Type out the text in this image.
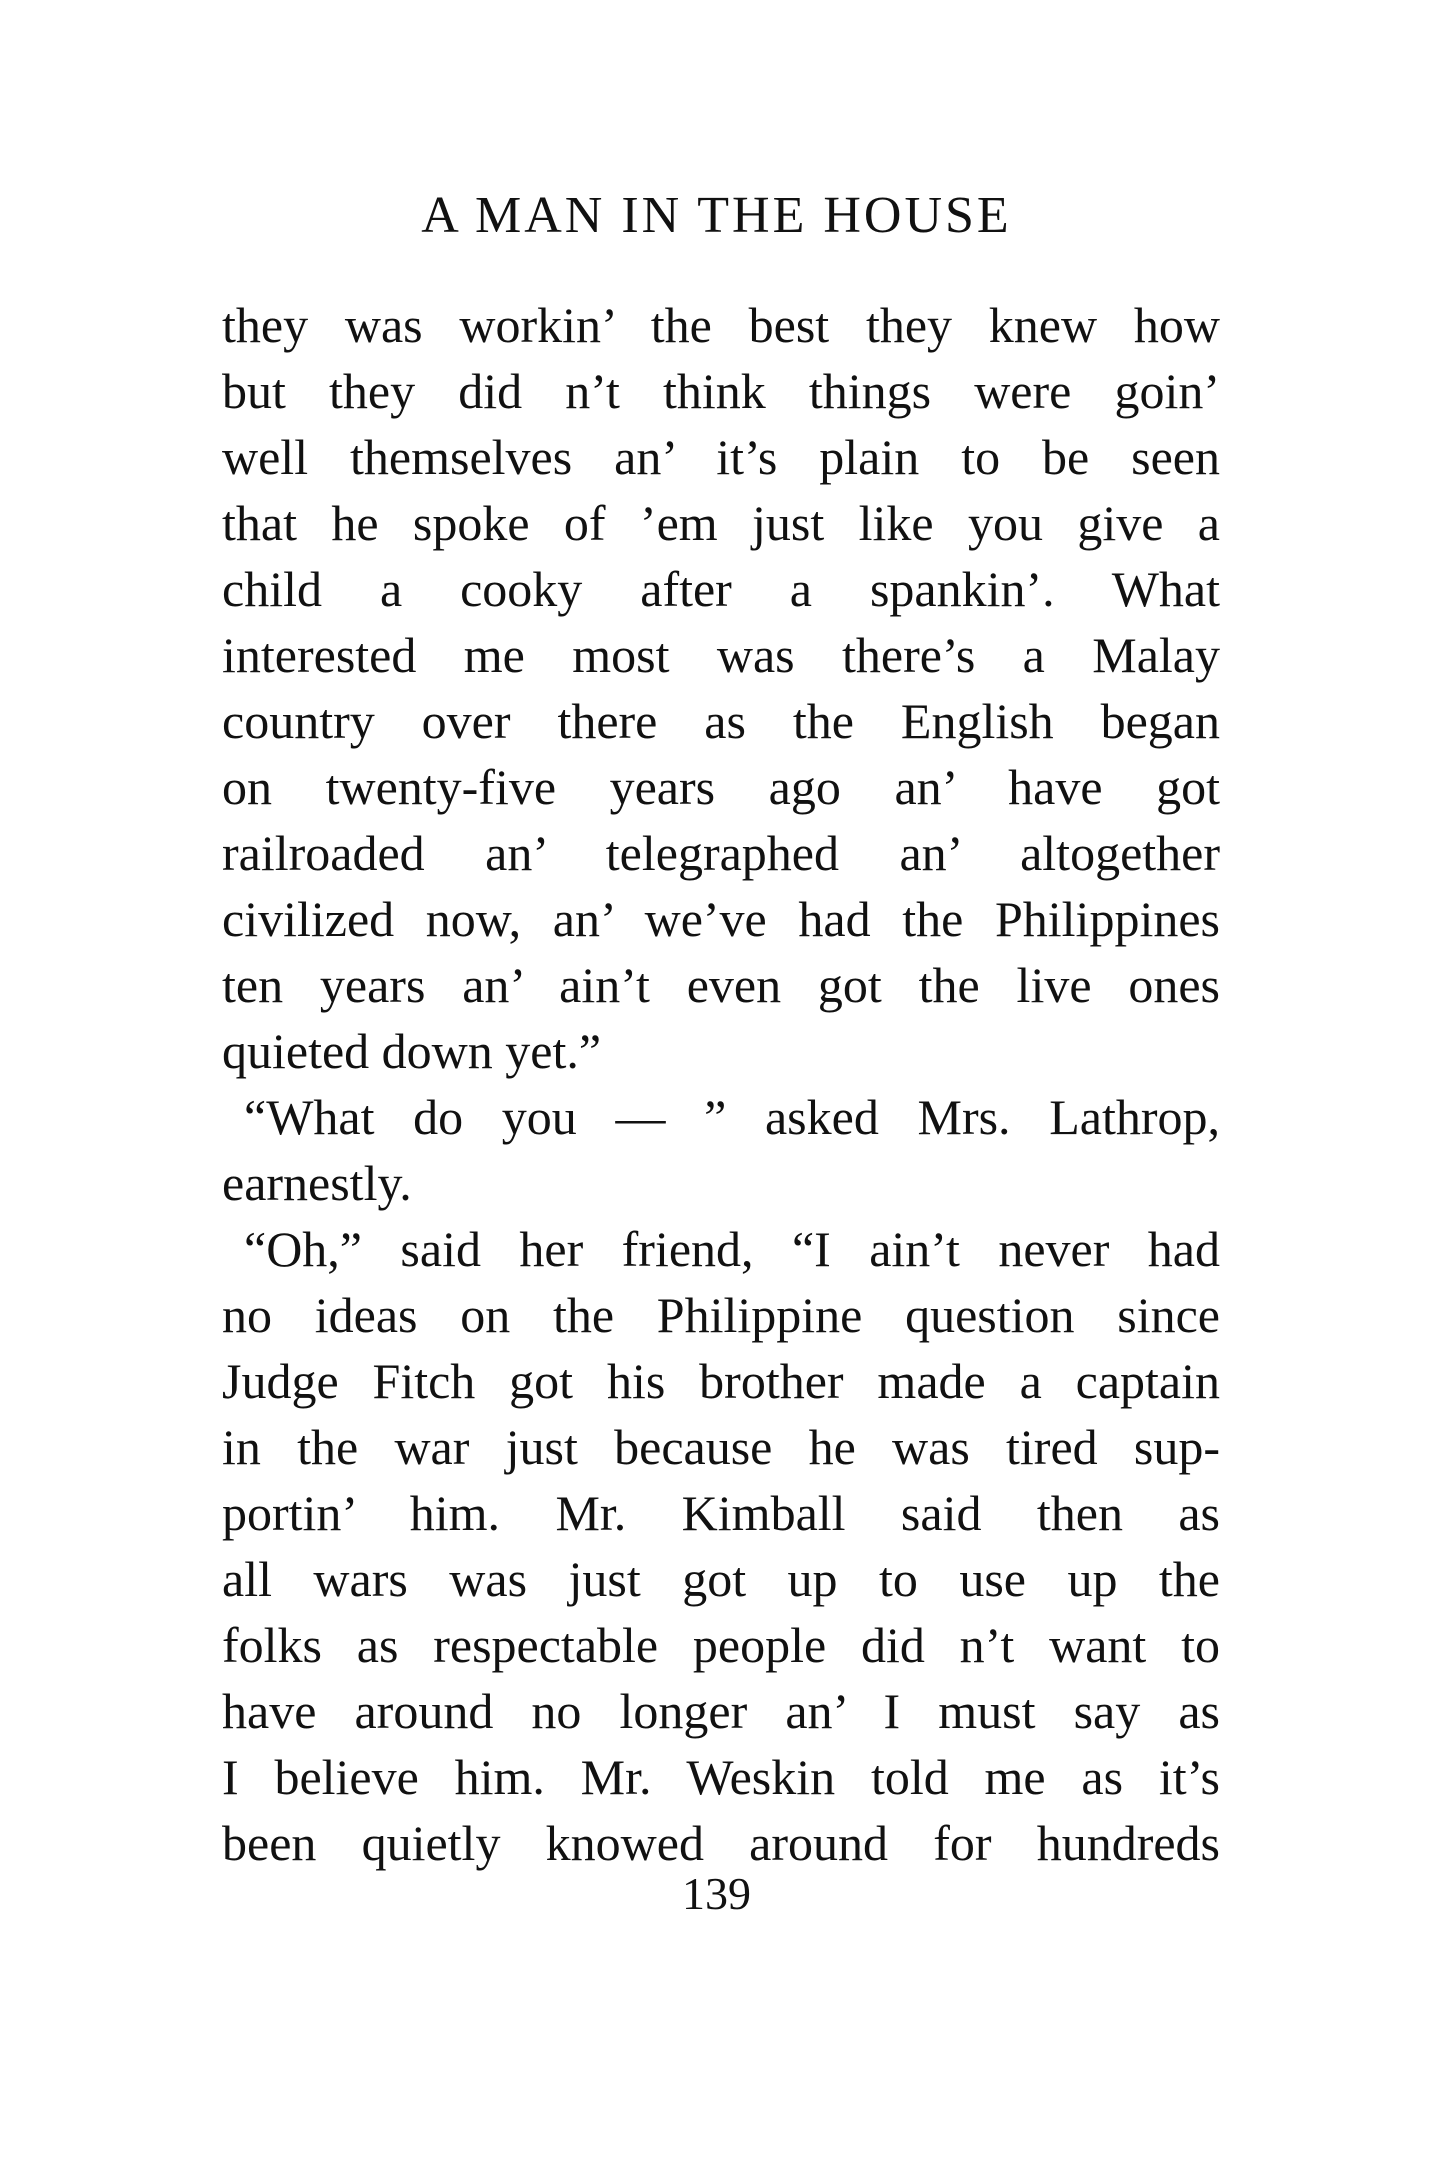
A MAN IN THE HOUSE
they was workin’ the best they knew how
but they did n’t think things were goin’
well themselves an’ it’s plain to be seen
that he spoke of ’em just like you give a
child a cooky after a spankin’. What
interested me most was there’s a Malay
country over there as the English began
on twenty-five years ago an’ have got
railroaded an’ telegraphed an’ altogether
civilized now, an’ we’ve had the Philippines
ten years an’ ain’t even got the live ones
quieted down yet.”
“What do you — ” asked Mrs. Lathrop,
earnestly.
“Oh,” said her friend, “I ain’t never had
no ideas on the Philippine question since
Judge Fitch got his brother made a captain
in the war just because he was tired sup-
portin’ him. Mr. Kimball said then as
all wars was just got up to use up the
folks as respectable people did n’t want to
have around no longer an’ I must say as
I believe him. Mr. Weskin told me as it’s
been quietly knowed around for hundreds
139
